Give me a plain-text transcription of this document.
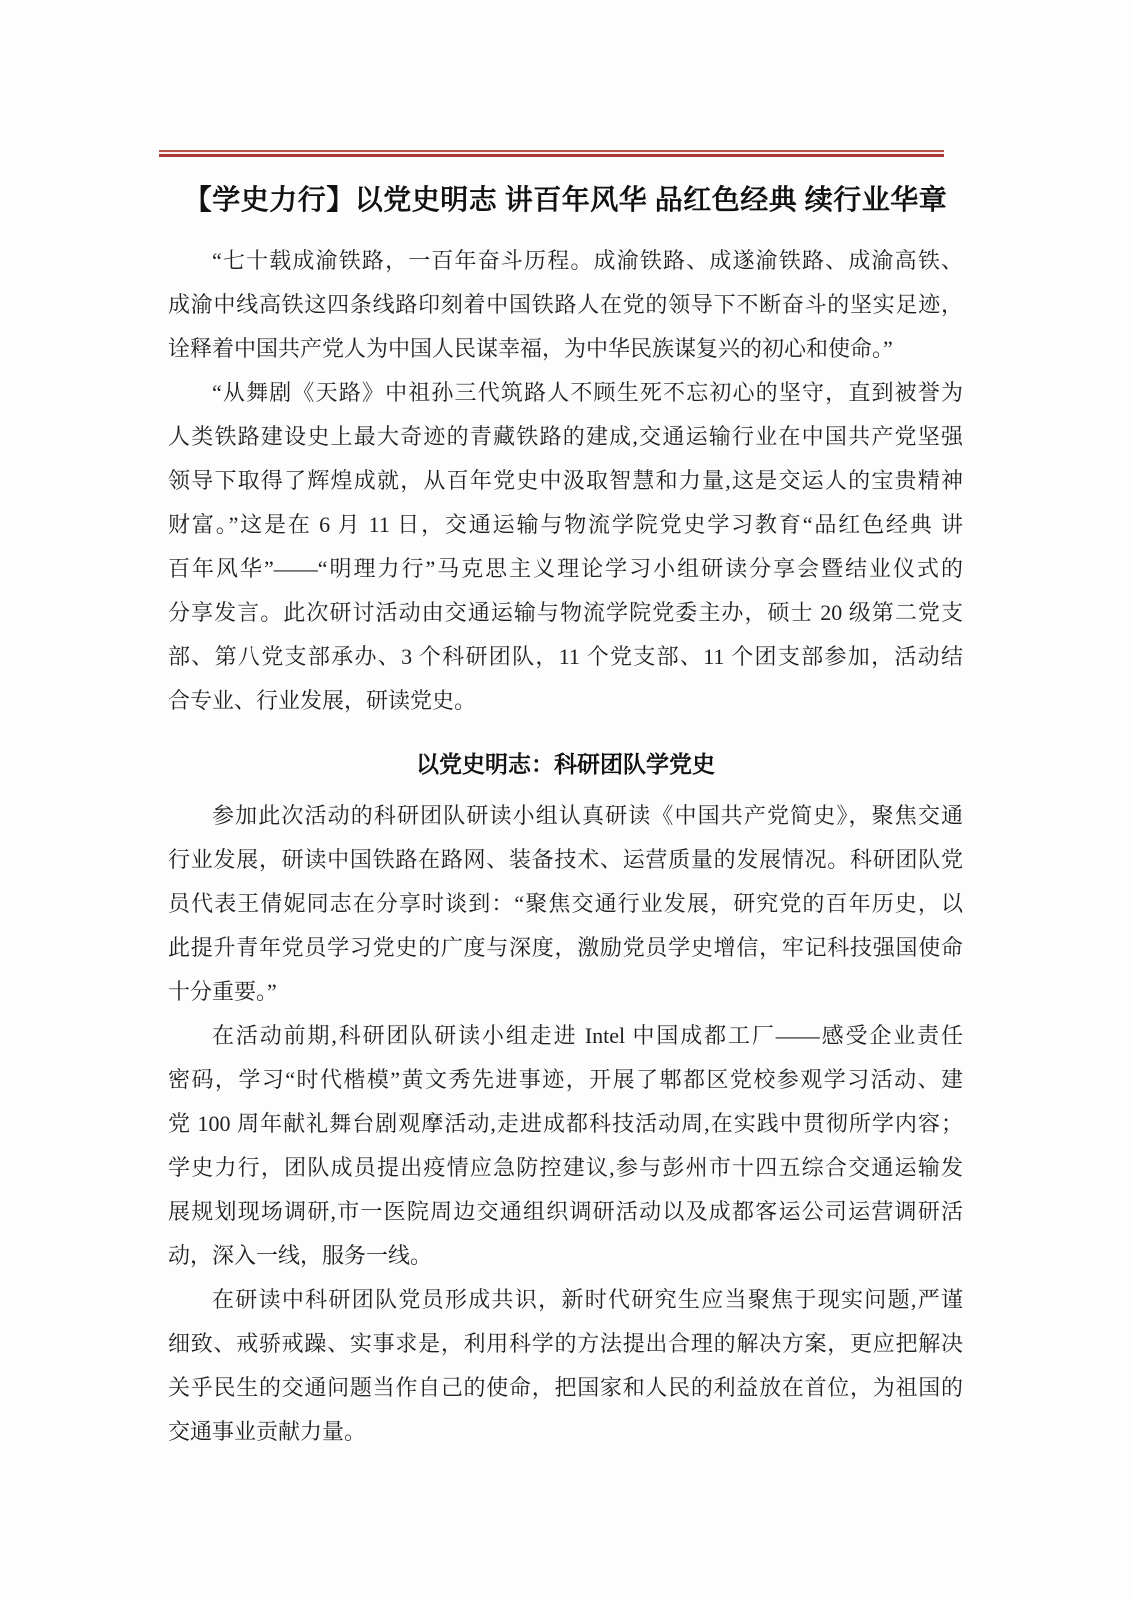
【学史力行】以党史明志 讲百年风华 品红色经典 续行业华章
“七十载成渝铁路，一百年奋斗历程。成渝铁路、成遂渝铁路、成渝高铁、
成渝中线高铁这四条线路印刻着中国铁路人在党的领导下不断奋斗的坚实足迹，
诠释着中国共产党人为中国人民谋幸福，为中华民族谋复兴的初心和使命。”
“从舞剧《天路》中祖孙三代筑路人不顾生死不忘初心的坚守，直到被誉为
人类铁路建设史上最大奇迹的青藏铁路的建成,交通运输行业在中国共产党坚强
领导下取得了辉煌成就，从百年党史中汲取智慧和力量,这是交运人的宝贵精神
财富。”这是在 6 月 11 日，交通运输与物流学院党史学习教育“品红色经典 讲
百年风华”——“明理力行”马克思主义理论学习小组研读分享会暨结业仪式的
分享发言。此次研讨活动由交通运输与物流学院党委主办，硕士 20 级第二党支
部、第八党支部承办、3 个科研团队，11 个党支部、11 个团支部参加，活动结
合专业、行业发展，研读党史。
以党史明志：科研团队学党史
参加此次活动的科研团队研读小组认真研读《中国共产党简史》，聚焦交通
行业发展，研读中国铁路在路网、装备技术、运营质量的发展情况。科研团队党
员代表王倩妮同志在分享时谈到：“聚焦交通行业发展，研究党的百年历史，以
此提升青年党员学习党史的广度与深度，激励党员学史增信，牢记科技强国使命
十分重要。”
在活动前期,科研团队研读小组走进 Intel 中国成都工厂——感受企业责任
密码，学习“时代楷模”黄文秀先进事迹，开展了郫都区党校参观学习活动、建
党 100 周年献礼舞台剧观摩活动,走进成都科技活动周,在实践中贯彻所学内容；
学史力行，团队成员提出疫情应急防控建议,参与彭州市十四五综合交通运输发
展规划现场调研,市一医院周边交通组织调研活动以及成都客运公司运营调研活
动，深入一线，服务一线。
在研读中科研团队党员形成共识，新时代研究生应当聚焦于现实问题,严谨
细致、戒骄戒躁、实事求是，利用科学的方法提出合理的解决方案，更应把解决
关乎民生的交通问题当作自己的使命，把国家和人民的利益放在首位，为祖国的
交通事业贡献力量。
